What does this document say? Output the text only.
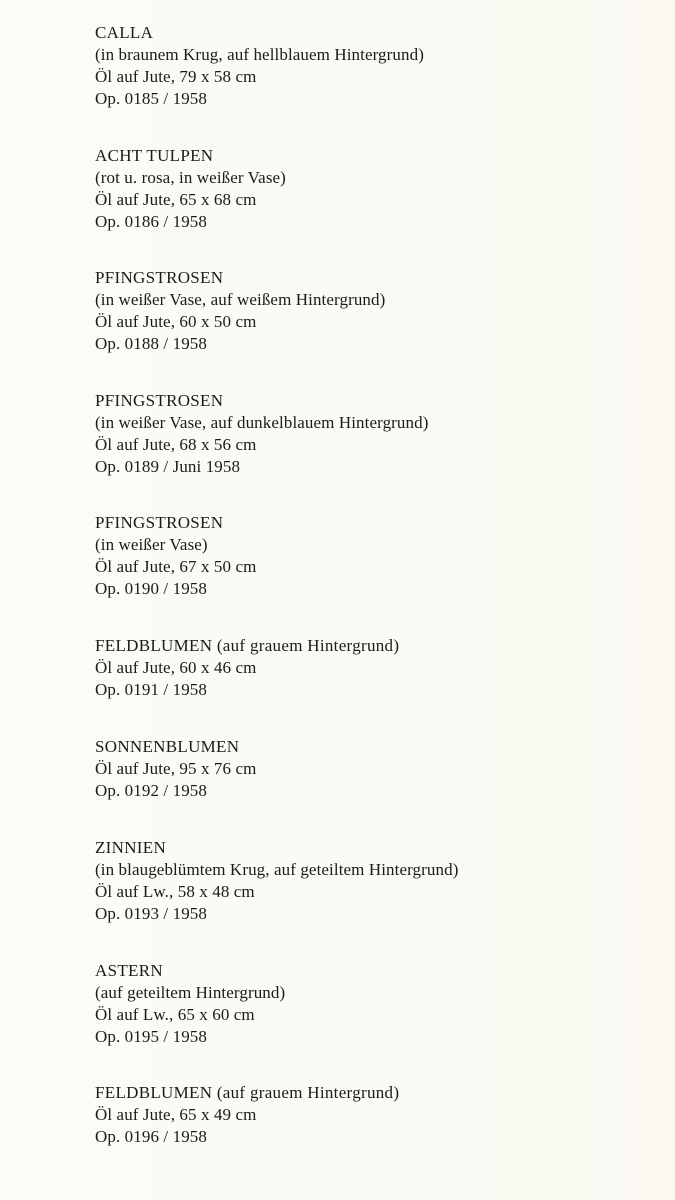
CALLA
(in braunem Krug, auf hellblauem Hintergrund)
Öl auf Jute, 79 x 58 cm
Op. 0185 / 1958
ACHT TULPEN
(rot u. rosa, in weißer Vase)
Öl auf Jute, 65 x 68 cm
Op. 0186 / 1958
PFINGSTROSEN
(in weißer Vase, auf weißem Hintergrund)
Öl auf Jute, 60 x 50 cm
Op. 0188 / 1958
PFINGSTROSEN
(in weißer Vase, auf dunkelblauem Hintergrund)
Öl auf Jute, 68 x 56 cm
Op. 0189 / Juni 1958
PFINGSTROSEN
(in weißer Vase)
Öl auf Jute, 67 x 50 cm
Op. 0190 / 1958
FELDBLUMEN (auf grauem Hintergrund)
Öl auf Jute, 60 x 46 cm
Op. 0191 / 1958
SONNENBLUMEN
Öl auf Jute, 95 x 76 cm
Op. 0192 / 1958
ZINNIEN
(in blaugeblümtem Krug, auf geteiltem Hintergrund)
Öl auf Lw., 58 x 48 cm
Op. 0193 / 1958
ASTERN
(auf geteiltem Hintergrund)
Öl auf Lw., 65 x 60 cm
Op. 0195 / 1958
FELDBLUMEN (auf grauem Hintergrund)
Öl auf Jute, 65 x 49 cm
Op. 0196 / 1958
